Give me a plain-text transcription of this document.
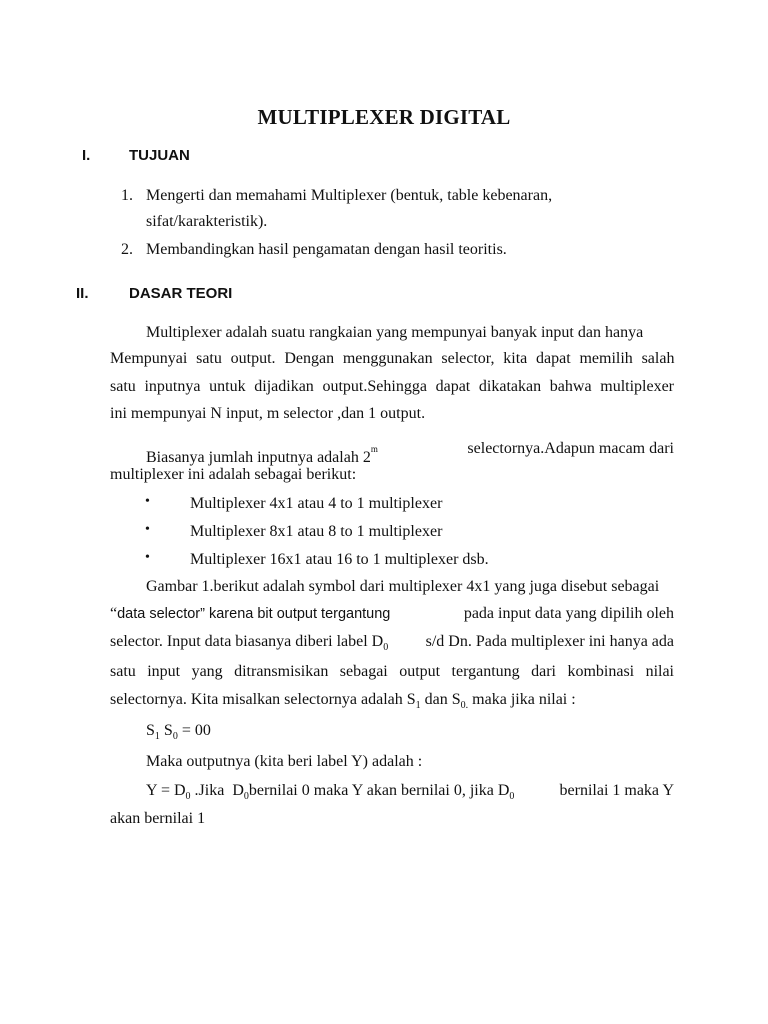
MULTIPLEXER DIGITAL
I.	TUJUAN
1. Mengerti dan memahami Multiplexer (bentuk, table kebenaran,
sifat/karakteristik).
2. Membandingkan hasil pengamatan dengan hasil teoritis.
II.	DASAR TEORI
Multiplexer adalah suatu rangkaian yang mempunyai banyak input dan hanya
Mempunyai satu output. Dengan menggunakan selector, kita dapat memilih salah
satu inputnya untuk dijadikan output.Sehingga dapat dikatakan bahwa multiplexer
ini mempunyai N input, m selector ,dan 1 output.
Biasanya jumlah inputnya adalah 2$^m$	selectornya.Adapun macam dari
multiplexer ini adalah sebagai berikut:
•	Multiplexer 4x1 atau 4 to 1 multiplexer
•	Multiplexer 8x1 atau 8 to 1 multiplexer
•	Multiplexer 16x1 atau 16 to 1 multiplexer dsb.
Gambar 1.berikut adalah symbol dari multiplexer 4x1 yang juga disebut sebagai
“data selector” karena bit output tergantung	pada input data yang dipilih oleh
selector. Input data biasanya diberi label $D_0$ s/d Dn. Pada multiplexer ini hanya ada
satu input yang ditransmisikan sebagai output tergantung dari kombinasi nilai
selectornya. Kita misalkan selectornya adalah $S_1$ dan $S_{0.}$ maka jika nilai :
$S_1$ $S_0 = 00$
Maka outputnya (kita beri label Y) adalah :
$Y = D_0$ .Jika  $D_0bernilai$ 0 maka Y akan bernilai 0, jika $D_0$	bernilai 1 maka Y
akan bernilai 1
